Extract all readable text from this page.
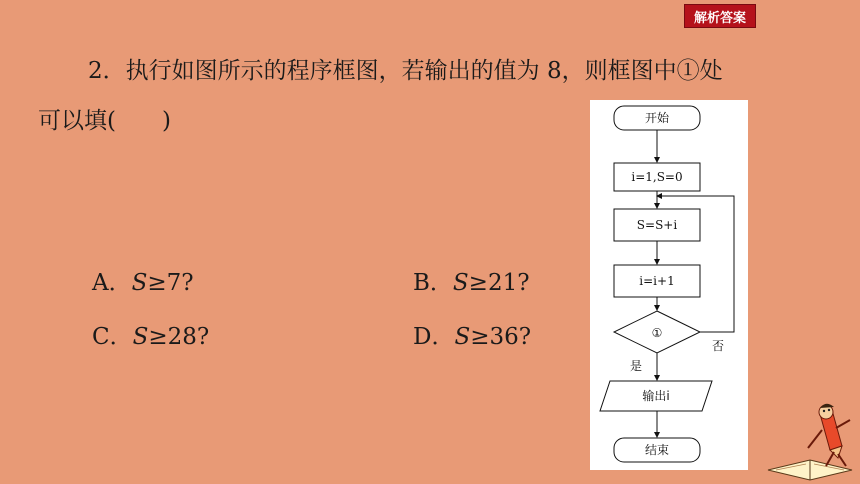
解析答案
2．执行如图所示的程序框图，若输出的值为 8，则框图中①处
可以填(　　)
A．S≥7?	B．S≥21?
C．S≥28?	D．S≥36?
开始
i=1,S=0
S=S+i
i=i+1
①
否
是
输出i
结束
